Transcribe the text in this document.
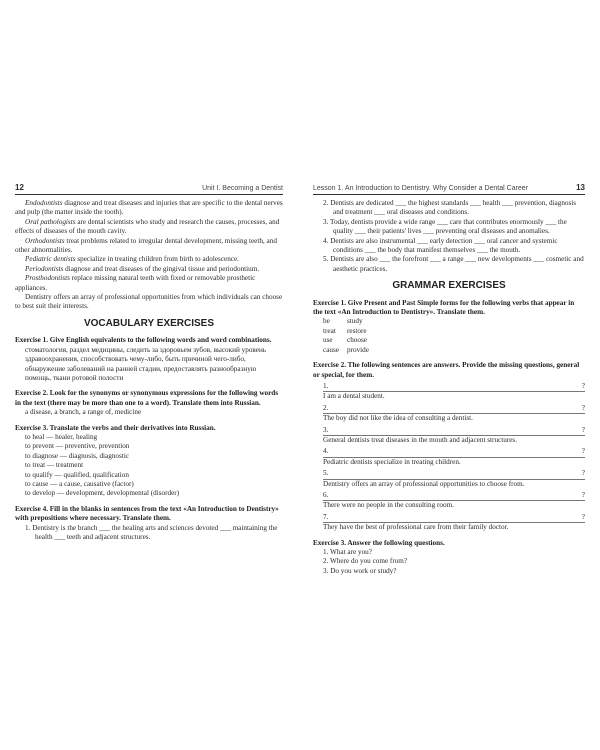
12	Unit I. Becoming a Dentist

Endodontists diagnose and treat diseases and injuries that are specific to the dental nerves and pulp (the matter inside the tooth).

Oral pathologists are dental scientists who study and research the causes, processes, and effects of diseases of the mouth cavity.

Orthodontists treat problems related to irregular dental development, missing teeth, and other abnormalities.

Pediatric dentists specialize in treating children from birth to adolescence.

Periodontists diagnose and treat diseases of the gingival tissue and periodontium.

Prosthodontists replace missing natural teeth with fixed or removable prosthetic appliances.

Dentistry offers an array of professional opportunities from which individuals can choose to best suit their interests.

VOCABULARY EXERCISES

Exercise 1. Give English equivalents to the following words and word combinations.

стоматология, раздел медицины, следить за здоровьем зубов, высокий уровень здравоохранения, способствовать чему-либо, быть причиной чего-либо, обнаружение заболеваний на ранней стадии, предоставлять разнообразную помощь, ткани ротовой полости

Exercise 2. Look for the synonyms or synonymous expressions for the following words in the text (there may be more than one to a word). Translate them into Russian.

a disease, a branch, a range of, medicine

Exercise 3. Translate the verbs and their derivatives into Russian.

to heal — healer, healing

to prevent — preventive, prevention

to diagnose — diagnosis, diagnostic

to treat — treatment

to qualify — qualified, qualification

to cause — a cause, causative (factor)

to develop — development, developmental (disorder)

Exercise 4. Fill in the blanks in sentences from the text «An Introduction to Dentistry» with prepositions where necessary. Translate them.

1. Dentistry is the branch ___ the healing arts and sciences devoted ___ maintaining the health ___ teeth and adjacent structures.

Lesson 1. An Introduction to Dentistry. Why Consider a Dental Career	13

2. Dentists are dedicated ___ the highest standards ___ health ___ prevention, diagnosis and treatment ___ oral diseases and conditions.

3. Today, dentists provide a wide range ___ care that contributes enormously ___ the quality ___ their patients' lives ___ preventing oral diseases and anomalies.

4. Dentists are also instrumental ___ early detection ___ oral cancer and systemic conditions ___ the body that manifest themselves ___ the mouth.

5. Dentists are also ___ the forefront ___ a range ___ new developments ___ cosmetic and aesthetic practices.

GRAMMAR EXERCISES

Exercise 1. Give Present and Past Simple forms for the following verbs that appear in the text «An Introduction to Dentistry». Translate them.

be	study
treat	restore
use	choose
cause	provide

Exercise 2. The following sentences are answers. Provide the missing questions, general or special, for them.

1.	?

I am a dental student.

2.	?

The boy did not like the idea of consulting a dentist.

3.	?

General dentists treat diseases in the mouth and adjacent structures.

4.	?

Pediatric dentists specialize in treating children.

5.	?

Dentistry offers an array of professional opportunities to choose from.

6.	?

There were no people in the consulting room.

7.	?

They have the best of professional care from their family doctor.

Exercise 3. Answer the following questions.

1. What are you?

2. Where do you come from?

3. Do you work or study?
